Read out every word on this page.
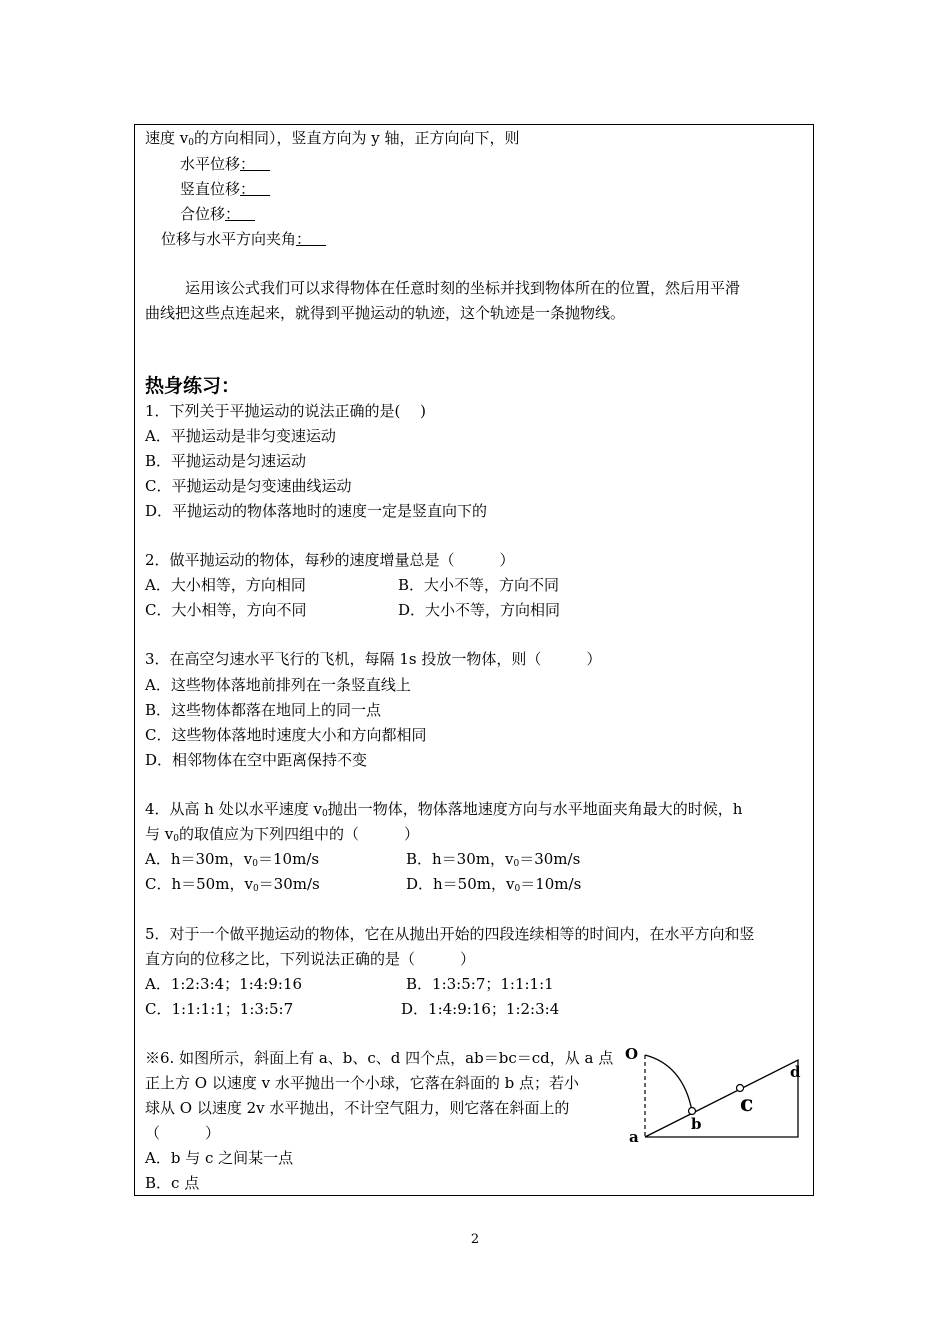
速度 $v_0$的方向相同），竖直方向为 y 轴，正方向向下，则
水平位移： 
竖直位移： 
合位移： 
位移与水平方向夹角： 
运用该公式我们可以求得物体在任意时刻的坐标并找到物体所在的位置，然后用平滑
曲线把这些点连起来，就得到平抛运动的轨迹，这个轨迹是一条抛物线。
热身练习：
1．下列关于平抛运动的说法正确的是(　 )
A．平抛运动是非匀变速运动
B．平抛运动是匀速运动
C．平抛运动是匀变速曲线运动
D．平抛运动的物体落地时的速度一定是竖直向下的
2．做平抛运动的物体，每秒的速度增量总是（　　　）
A．大小相等，方向相同	B．大小不等，方向不同
C．大小相等，方向不同	D．大小不等，方向相同
3．在高空匀速水平飞行的飞机，每隔 1s 投放一物体，则（　　　）
A．这些物体落地前排列在一条竖直线上
B．这些物体都落在地同上的同一点
C．这些物体落地时速度大小和方向都相同
D．相邻物体在空中距离保持不变
4．从高 h 处以水平速度 $v_0$抛出一物体，物体落地速度方向与水平地面夹角最大的时候，h
与 $v_0$的取值应为下列四组中的（　　　）
A．h＝30m，$v_0=10m/s$	B．h＝30m，$v_0=30m/s$
C．h＝50m，$v_0=30m/s$	D．h＝50m，$v_0=10m/s$
5．对于一个做平抛运动的物体，它在从抛出开始的四段连续相等的时间内，在水平方向和竖
直方向的位移之比，下列说法正确的是（　　　）
A．1:2:3:4；1:4:9:16	B．1:3:5:7；1:1:1:1
C．1:1:1:1；1:3:5:7	D．1:4:9:16；1:2:3:4
※6. 如图所示，斜面上有 a、b、c、d 四个点，ab＝bc＝cd，从 a 点
正上方 O 以速度 v 水平抛出一个小球，它落在斜面的 b 点；若小
球从 O 以速度 2v 水平抛出，不计空气阻力，则它落在斜面上的
（　　　）
A．b 与 c 之间某一点
B．c 点
O
a
b
c
d
2
